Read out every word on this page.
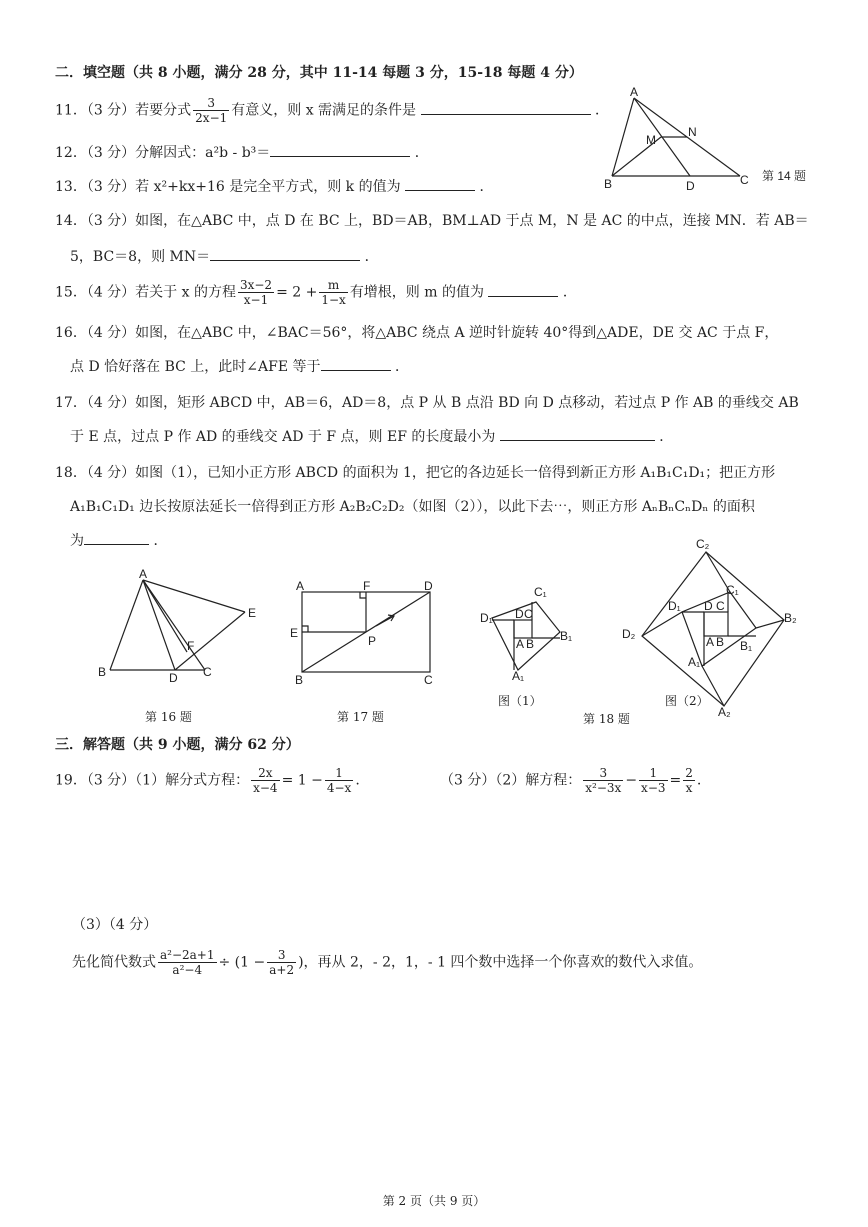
二．填空题（共 8 小题，满分 28 分，其中 11-14 每题 3 分，15-18 每题 4 分）
11．（3 分）若要分式 $\frac{3}{2x-1}$ 有意义，则 x 需满足的条件是	．
12．（3 分）分解因式：a²b - b³＝	．
13．（3 分）若 x²+kx+16 是完全平方式，则 k 的值为	．
A
M
N
B	D	C 第 14 题
14．（3 分）如图，在△ABC 中，点 D 在 BC 上，BD＝AB，BM⊥AD 于点 M，N 是 AC 的中点，连接 MN．若 AB＝
5，BC＝8，则 MN＝	．
15．（4 分）若关于 x 的方程 $\frac{3x-2}{x-1} = 2 + \frac{m}{1-x}$ 有增根，则 m 的值为	．
16．（4 分）如图，在△ABC 中，∠BAC＝56°，将△ABC 绕点 A 逆时针旋转 40°得到△ADE，DE 交 AC 于点 F，
点 D 恰好落在 BC 上，此时∠AFE 等于	．
17．（4 分）如图，矩形 ABCD 中，AB＝6，AD＝8，点 P 从 B 点沿 BD 向 D 点移动，若过点 P 作 AB 的垂线交 AB
于 E 点，过点 P 作 AD 的垂线交 AD 于 F 点，则 EF 的长度最小为	．
18．（4 分）如图（1），已知小正方形 ABCD 的面积为 1，把它的各边延长一倍得到新正方形 A₁B₁C₁D₁；把正方形
A₁B₁C₁D₁ 边长按原法延长一倍得到正方形 A₂B₂C₂D₂（如图（2）），以此下去⋯，则正方形 AₙBₙCₙDₙ 的面积
为	．
A
E
F
B	D C
第 16 题
A	F	D
E
P
B	C
第 17 题
C₁
D₁ D C
A B
B₁
A₁
图（1）
C₂
C₁
D₁ D C
B₂
D₂
A B B₁
A₁
A₂
图（2）
第 18 题
三．解答题（共 9 小题，满分 62 分）
19．（3 分）（1）解分式方程： $\frac{2x}{x-4} = 1 - \frac{1}{4-x}$ .	（3 分）（2）解方程： $\frac{3}{\text{x²−3x}} - \frac{1}{x-3} = \frac{2}{x}$ .
（3）（4 分）
先化简代数式 $\frac{\text{a²−2a+1}}{\text{a²−4}} \div (1 - \frac{3}{a+2}$ )，再从 2，- 2，1，- 1 四个数中选择一个你喜欢的数代入求值。
第 2 页（共 9 页）
